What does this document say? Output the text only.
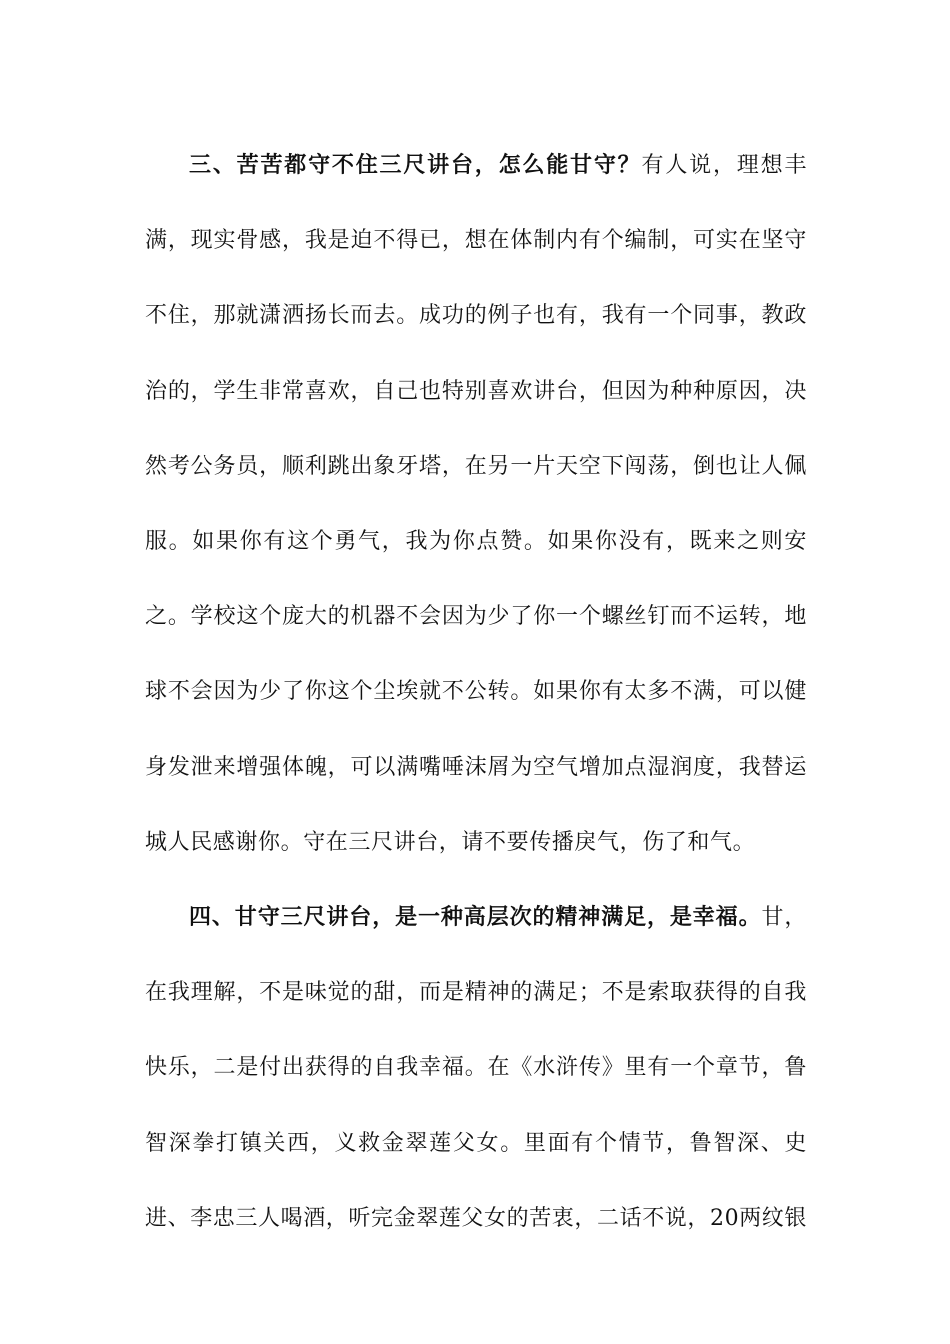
三、苦苦都守不住三尺讲台，怎么能甘守？有人说，理想丰满，现实骨感，我是迫不得已，想在体制内有个编制，可实在坚守不住，那就潇洒扬长而去。成功的例子也有，我有一个同事，教政治的，学生非常喜欢，自己也特别喜欢讲台，但因为种种原因，决然考公务员，顺利跳出象牙塔，在另一片天空下闯荡，倒也让人佩服。如果你有这个勇气，我为你点赞。如果你没有，既来之则安之。学校这个庞大的机器不会因为少了你一个螺丝钉而不运转，地球不会因为少了你这个尘埃就不公转。如果你有太多不满，可以健身发泄来增强体魄，可以满嘴唾沫屑为空气增加点湿润度，我替运城人民感谢你。守在三尺讲台，请不要传播戾气，伤了和气。

四、甘守三尺讲台，是一种高层次的精神满足，是幸福。甘，在我理解，不是味觉的甜，而是精神的满足；不是索取获得的自我快乐，二是付出获得的自我幸福。在《水浒传》里有一个章节，鲁智深拳打镇关西，义救金翠莲父女。里面有个情节，鲁智深、史进、李忠三人喝酒，听完金翠莲父女的苦衷，二话不说，20两纹银
